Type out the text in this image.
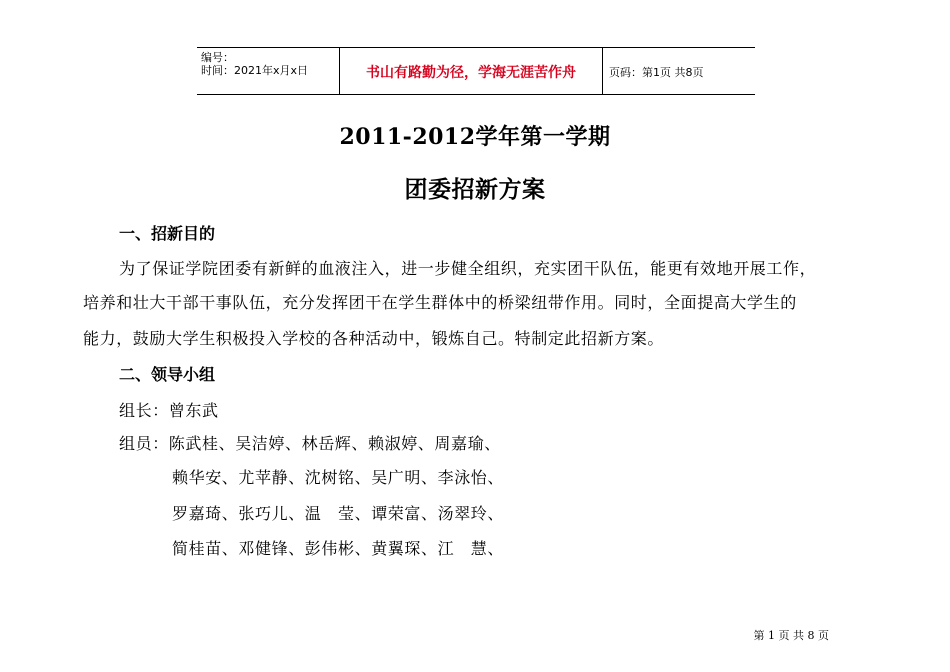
编号：
时间：2021年x月x日	书山有路勤为径，学海无涯苦作舟	页码：第1页 共8页
2011-2012学年第一学期
团委招新方案
一、招新目的
为了保证学院团委有新鲜的血液注入，进一步健全组织，充实团干队伍，能更有效地开展工作，
培养和壮大干部干事队伍，充分发挥团干在学生群体中的桥梁纽带作用。同时，全面提高大学生的
能力，鼓励大学生积极投入学校的各种活动中，锻炼自己。特制定此招新方案。
二、领导小组
组长：曾东武
组员：陈武桂、吴洁婷、林岳辉、赖淑婷、周嘉瑜、
赖华安、尤苹静、沈树铭、吴广明、李泳怡、
罗嘉琦、张巧儿、温　莹、谭荣富、汤翠玲、
简桂苗、邓健锋、彭伟彬、黄翼琛、江　慧、
第 1 页 共 8 页
